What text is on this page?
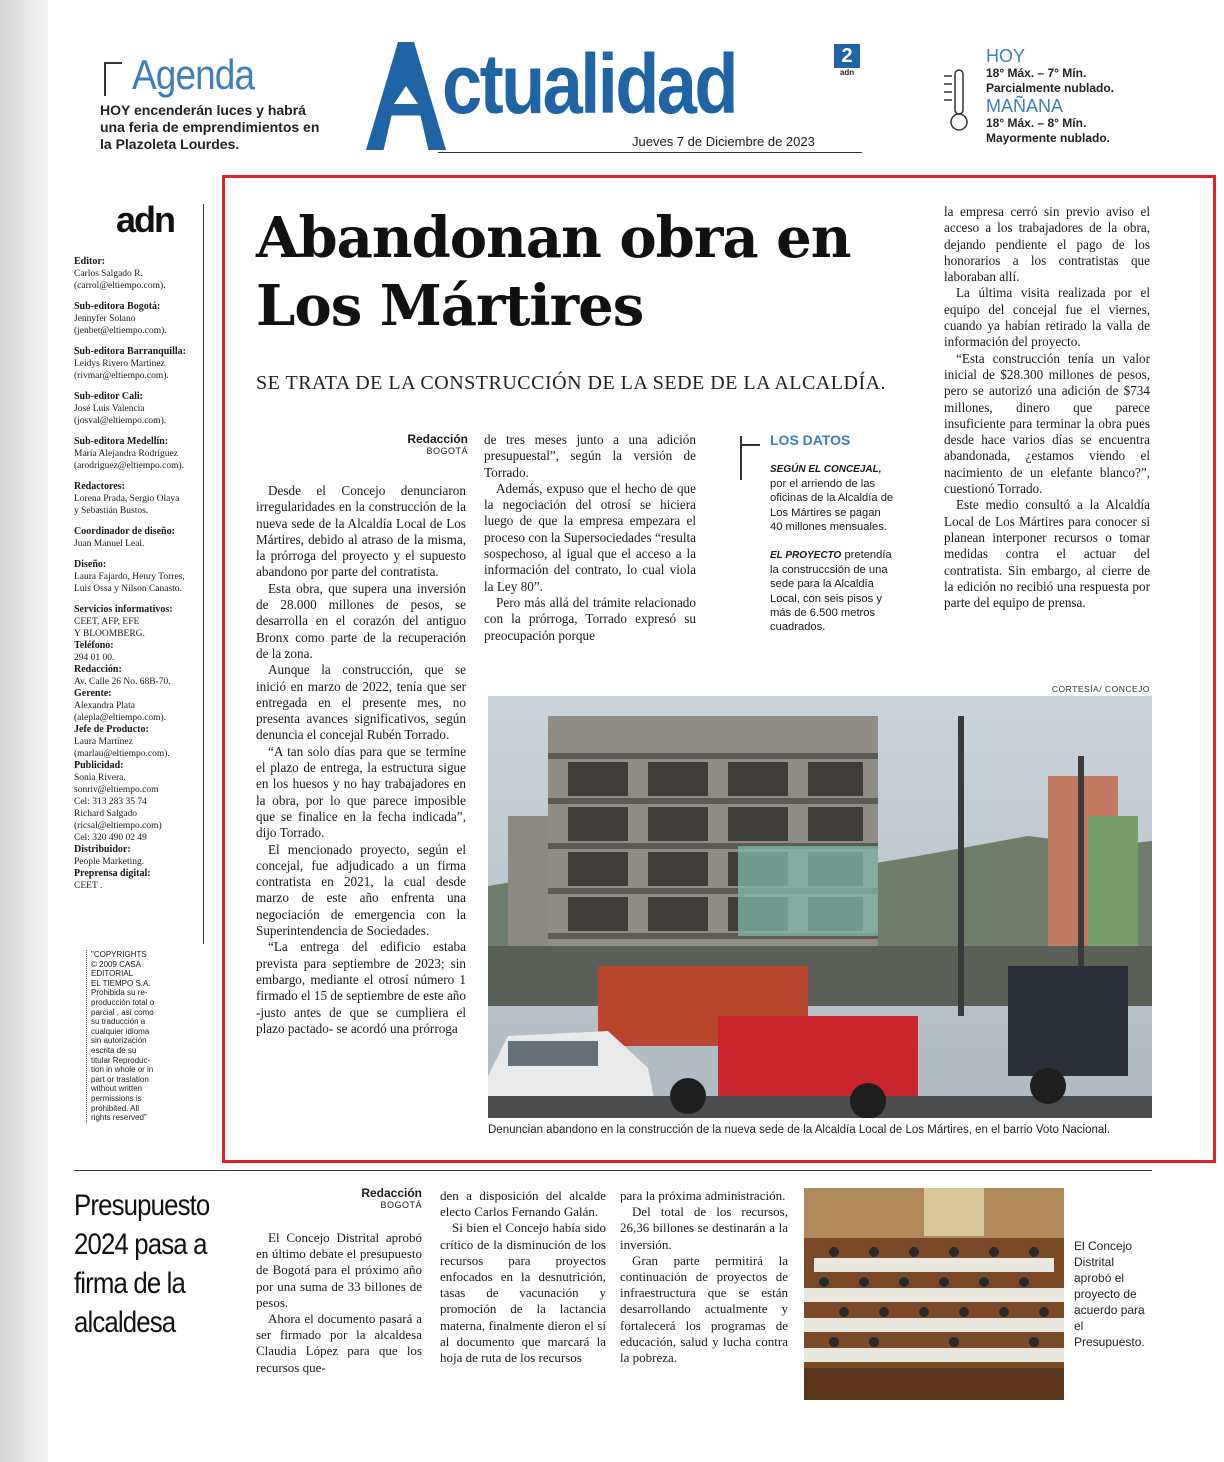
Agenda
HOY encenderán luces y habrá una feria de emprendimientos en la Plazoleta Lourdes.
ctualidad
Jueves 7 de Diciembre de 2023
2
adn
HOY
18° Máx. – 7° Mín.
Parcialmente nublado.
MAÑANA
18° Máx. – 8° Mín.
Mayormente nublado.
adn
Editor:
Carlos Salgado R.
(carrol@eltiempo.com).
Sub-editora Bogotá:
Jennyfer Solano
(jenbet@eltiempo.com).
Sub-editora Barranquilla:
Leidys Rivero Martínez
(rivmar@eltiempo.com).
Sub-editor Cali:
José Luis Valencia
(josval@eltiempo.com).
Sub-editora Medellín:
María Alejandra Rodríguez
(arodriguez@eltiempo.com).
Redactores:
Lorena Prada, Sergio Olaya
y Sebastián Bustos.
Coordinador de diseño:
Juan Manuel Leal.
Diseño:
Laura Fajardo, Henry Torres,
Luis Ossa y Nilson Canasto.
Servicios informativos:
CEET, AFP, EFE
Y BLOOMBERG.
Teléfono:
294 01 00.
Redacción:
Av. Calle 26 No. 68B-70.
Gerente:
Alexandra Plata
(alepla@eltiempo.com).
Jefe de Producto:
Laura Martínez
(marlau@eltiempo.com).
Publicidad:
Sonia Rivera.
sonriv@eltiempo.com
Cel: 313 283 35 74
Richard Salgado
(ricsal@eltiempo.com)
Cel: 320 490 02 49
Distribuidor:
People Marketing.
Preprensa digital:
CEET .
"COPYRIGHTS
© 2009 CASA
EDITORIAL
EL TIEMPO S.A.
Prohibida su re-
producción total o
parcial , así como
su traducción a
cualquier idioma
sin autorización
escrita de su
titular Reproduc-
tion in whole or in
part or traslation
without written
permissions is
prohibited. All
rights reserved"
Abandonan obra en Los Mártires
SE TRATA DE LA CONSTRUCCIÓN DE LA SEDE DE LA ALCALDÍA.
Redacción
BOGOTÁ

Desde el Concejo denunciaron irregularidades en la construcción de la nueva sede de la Alcaldía Local de Los Mártires, debido al atraso de la misma, la prórroga del proyecto y el supuesto abandono por parte del contratista.

Esta obra, que supera una inversión de 28.000 millones de pesos, se desarrolla en el corazón del antiguo Bronx como parte de la recuperación de la zona.

Aunque la construcción, que se inició en marzo de 2022, tenía que ser entregada en el presente mes, no presenta avances significativos, según denuncia el concejal Rubén Torrado.

“A tan solo días para que se termine el plazo de entrega, la estructura sigue en los huesos y no hay trabajadores en la obra, por lo que parece imposible que se finalice en la fecha indicada”, dijo Torrado.

El mencionado proyecto, según el concejal, fue adjudicado a un firma contratista en 2021, la cual desde marzo de este año enfrenta una negociación de emergencia con la Superintendencia de Sociedades.

“La entrega del edificio estaba prevista para septiembre de 2023; sin embargo, mediante el otrosí número 1 firmado el 15 de septiembre de este año -justo antes de que se cumpliera el plazo pactado- se acordó una prórroga

de tres meses junto a una adición presupuestal”, según la versión de Torrado.

Además, expuso que el hecho de que la negociación del otrosí se hiciera luego de que la empresa empezara el proceso con la Supersociedades “resulta sospechoso, al igual que el acceso a la información del contrato, lo cual viola la Ley 80”.

Pero más allá del trámite relacionado con la prórroga, Torrado expresó su preocupación porque

LOS DATOS
SEGÚN EL CONCEJAL, por el arriendo de las oficinas de la Alcaldía de Los Mártires se pagan 40 millones mensuales.
EL PROYECTO pretendía la construccsión de una sede para la Alcaldía Local, con seis pisos y más de 6.500 metros cuadrados.

la empresa cerró sin previo aviso el acceso a los trabajadores de la obra, dejando pendiente el pago de los honorarios a los contratistas que laboraban allí.

La última visita realizada por el equipo del concejal fue el viernes, cuando ya habían retirado la valla de información del proyecto.

“Esta construcción tenía un valor inicial de $28.300 millones de pesos, pero se autorizó una adición de $734 millones, dinero que parece insuficiente para terminar la obra pues desde hace varios días se encuentra abandonada, ¿estamos viendo el nacimiento de un elefante blanco?”, cuestionó Torrado.

Este medio consultó a la Alcaldía Local de Los Mártires para conocer si planean interponer recursos o tomar medidas contra el actuar del contratista. Sin embargo, al cierre de la edición no recibió una respuesta por parte del equipo de prensa.

CORTESÍA/ CONCEJO
Denuncian abandono en la construcción de la nueva sede de la Alcaldía Local de Los Mártires, en el barrio Voto Nacional.
Presupuesto 2024 pasa a firma de la alcaldesa
Redacción
BOGOTÁ

El Concejo Distrital aprobó en último debate el presupuesto de Bogotá para el próximo año por una suma de 33 billones de pesos.

Ahora el documento pasará a ser firmado por la alcaldesa Claudia López para que los recursos que-

den a disposición del alcalde electo Carlos Fernando Galán.

Si bien el Concejo había sido crítico de la disminución de los recursos para proyectos enfocados en la desnutrición, tasas de vacunación y promoción de la lactancia materna, finalmente dieron el sí al documento que marcará la hoja de ruta de los recursos

para la próxima administración.

Del total de los recursos, 26,36 billones se destinarán a la inversión.

Gran parte permitirá la continuación de proyectos de infraestructura que se están desarrollando actualmente y fortalecerá los programas de educación, salud y lucha contra la pobreza.

El Concejo Distrital aprobó el proyecto de acuerdo para el Presupuesto.
